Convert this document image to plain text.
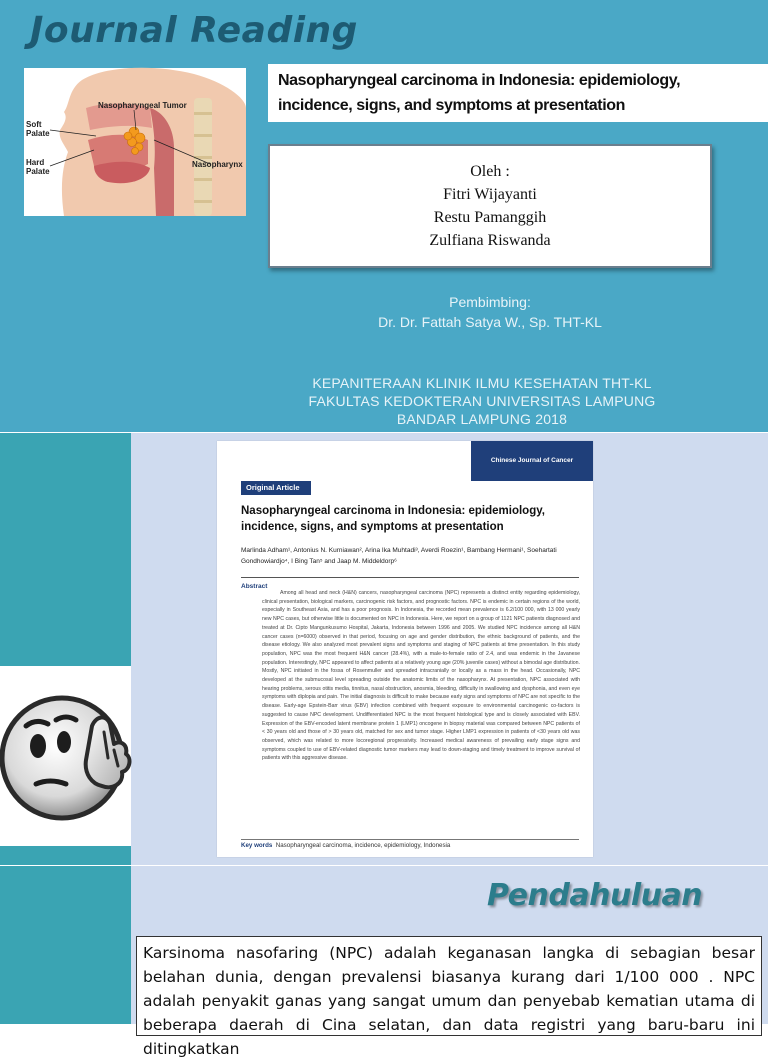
Journal Reading
Nasopharyngeal Tumor
Soft Palate
Hard Palate
Nasopharynx
Nasopharyngeal carcinoma in Indonesia: epidemiology, incidence, signs, and symptoms at presentation
Oleh :
Fitri Wijayanti
Restu Pamanggih
Zulfiana Riswanda
Pembimbing:
Dr. Dr. Fattah Satya W., Sp. THT-KL
KEPANITERAAN KLINIK ILMU KESEHATAN THT-KL
FAKULTAS KEDOKTERAN UNIVERSITAS LAMPUNG
BANDAR LAMPUNG 2018
Chinese Journal of Cancer
Original Article
Nasopharyngeal carcinoma in Indonesia: epidemiology, incidence, signs, and symptoms at presentation
Marlinda Adham¹, Antonius N. Kurniawan², Arina Ika Muhtadi³, Averdi Roezin¹, Bambang Hermani¹, Soehartati Gondhowiardjo⁴, I Bing Tan⁵ and Jaap M. Middeldorp⁶
Abstract
Among all head and neck (H&N) cancers, nasopharyngeal carcinoma (NPC) represents a distinct entity regarding epidemiology, clinical presentation, biological markers, carcinogenic risk factors, and prognostic factors. NPC is endemic in certain regions of the world, especially in Southeast Asia, and has a poor prognosis. In Indonesia, the recorded mean prevalence is 6.2/100 000, with 13 000 yearly new NPC cases, but otherwise little is documented on NPC in Indonesia. Here, we report on a group of 1121 NPC patients diagnosed and treated at Dr. Cipto Mangunkusumo Hospital, Jakarta, Indonesia between 1996 and 2005. We studied NPC incidence among all H&N cancer cases (n=6000) observed in that period, focusing on age and gender distribution, the ethnic background of patients, and the disease etiology. We also analyzed most prevalent signs and symptoms and staging of NPC patients at time presentation. In this study population, NPC was the most frequent H&N cancer (28.4%), with a male-to-female ratio of 2.4, and was endemic in the Javanese population. Interestingly, NPC appeared to affect patients at a relatively young age (20% juvenile cases) without a bimodal age distribution. Mostly, NPC initiated in the fossa of Rosenmuller and spreaded intracranially or locally as a mass in the head. Occasionally, NPC developed at the submucosal level spreading outside the anatomic limits of the nasopharynx. At presentation, NPC associated with hearing problems, serous otitis media, tinnitus, nasal obstruction, anosmia, bleeding, difficulty in swallowing and dysphonia, and even eye symptoms with diplopia and pain. The initial diagnosis is difficult to make because early signs and symptoms of NPC are not specific to the disease. Early-age Epstein-Barr virus (EBV) infection combined with frequent exposure to environmental carcinogenic co-factors is suggested to cause NPC development. Undifferentiated NPC is the most frequent histological type and is closely associated with EBV. Expression of the EBV-encoded latent membrane protein 1 (LMP1) oncogene in biopsy material was compared between NPC patients of < 30 years old and those of > 30 years old, matched for sex and tumor stage. Higher LMP1 expression in patients of <30 years old was observed, which was related to more locoregional progressivity. Increased medical awareness of prevailing early stage signs and symptoms coupled to use of EBV-related diagnostic tumor markers may lead to down-staging and timely treatment to improve survival of patients with this aggressive disease.
Key words Nasopharyngeal carcinoma, incidence, epidemiology, Indonesia
Pendahuluan
Karsinoma nasofaring (NPC) adalah keganasan langka di sebagian besar belahan dunia, dengan prevalensi biasanya kurang dari 1/100 000 . NPC adalah penyakit ganas yang sangat umum dan penyebab kematian utama di beberapa daerah di Cina selatan, dan data registri yang baru-baru ini ditingkatkan
